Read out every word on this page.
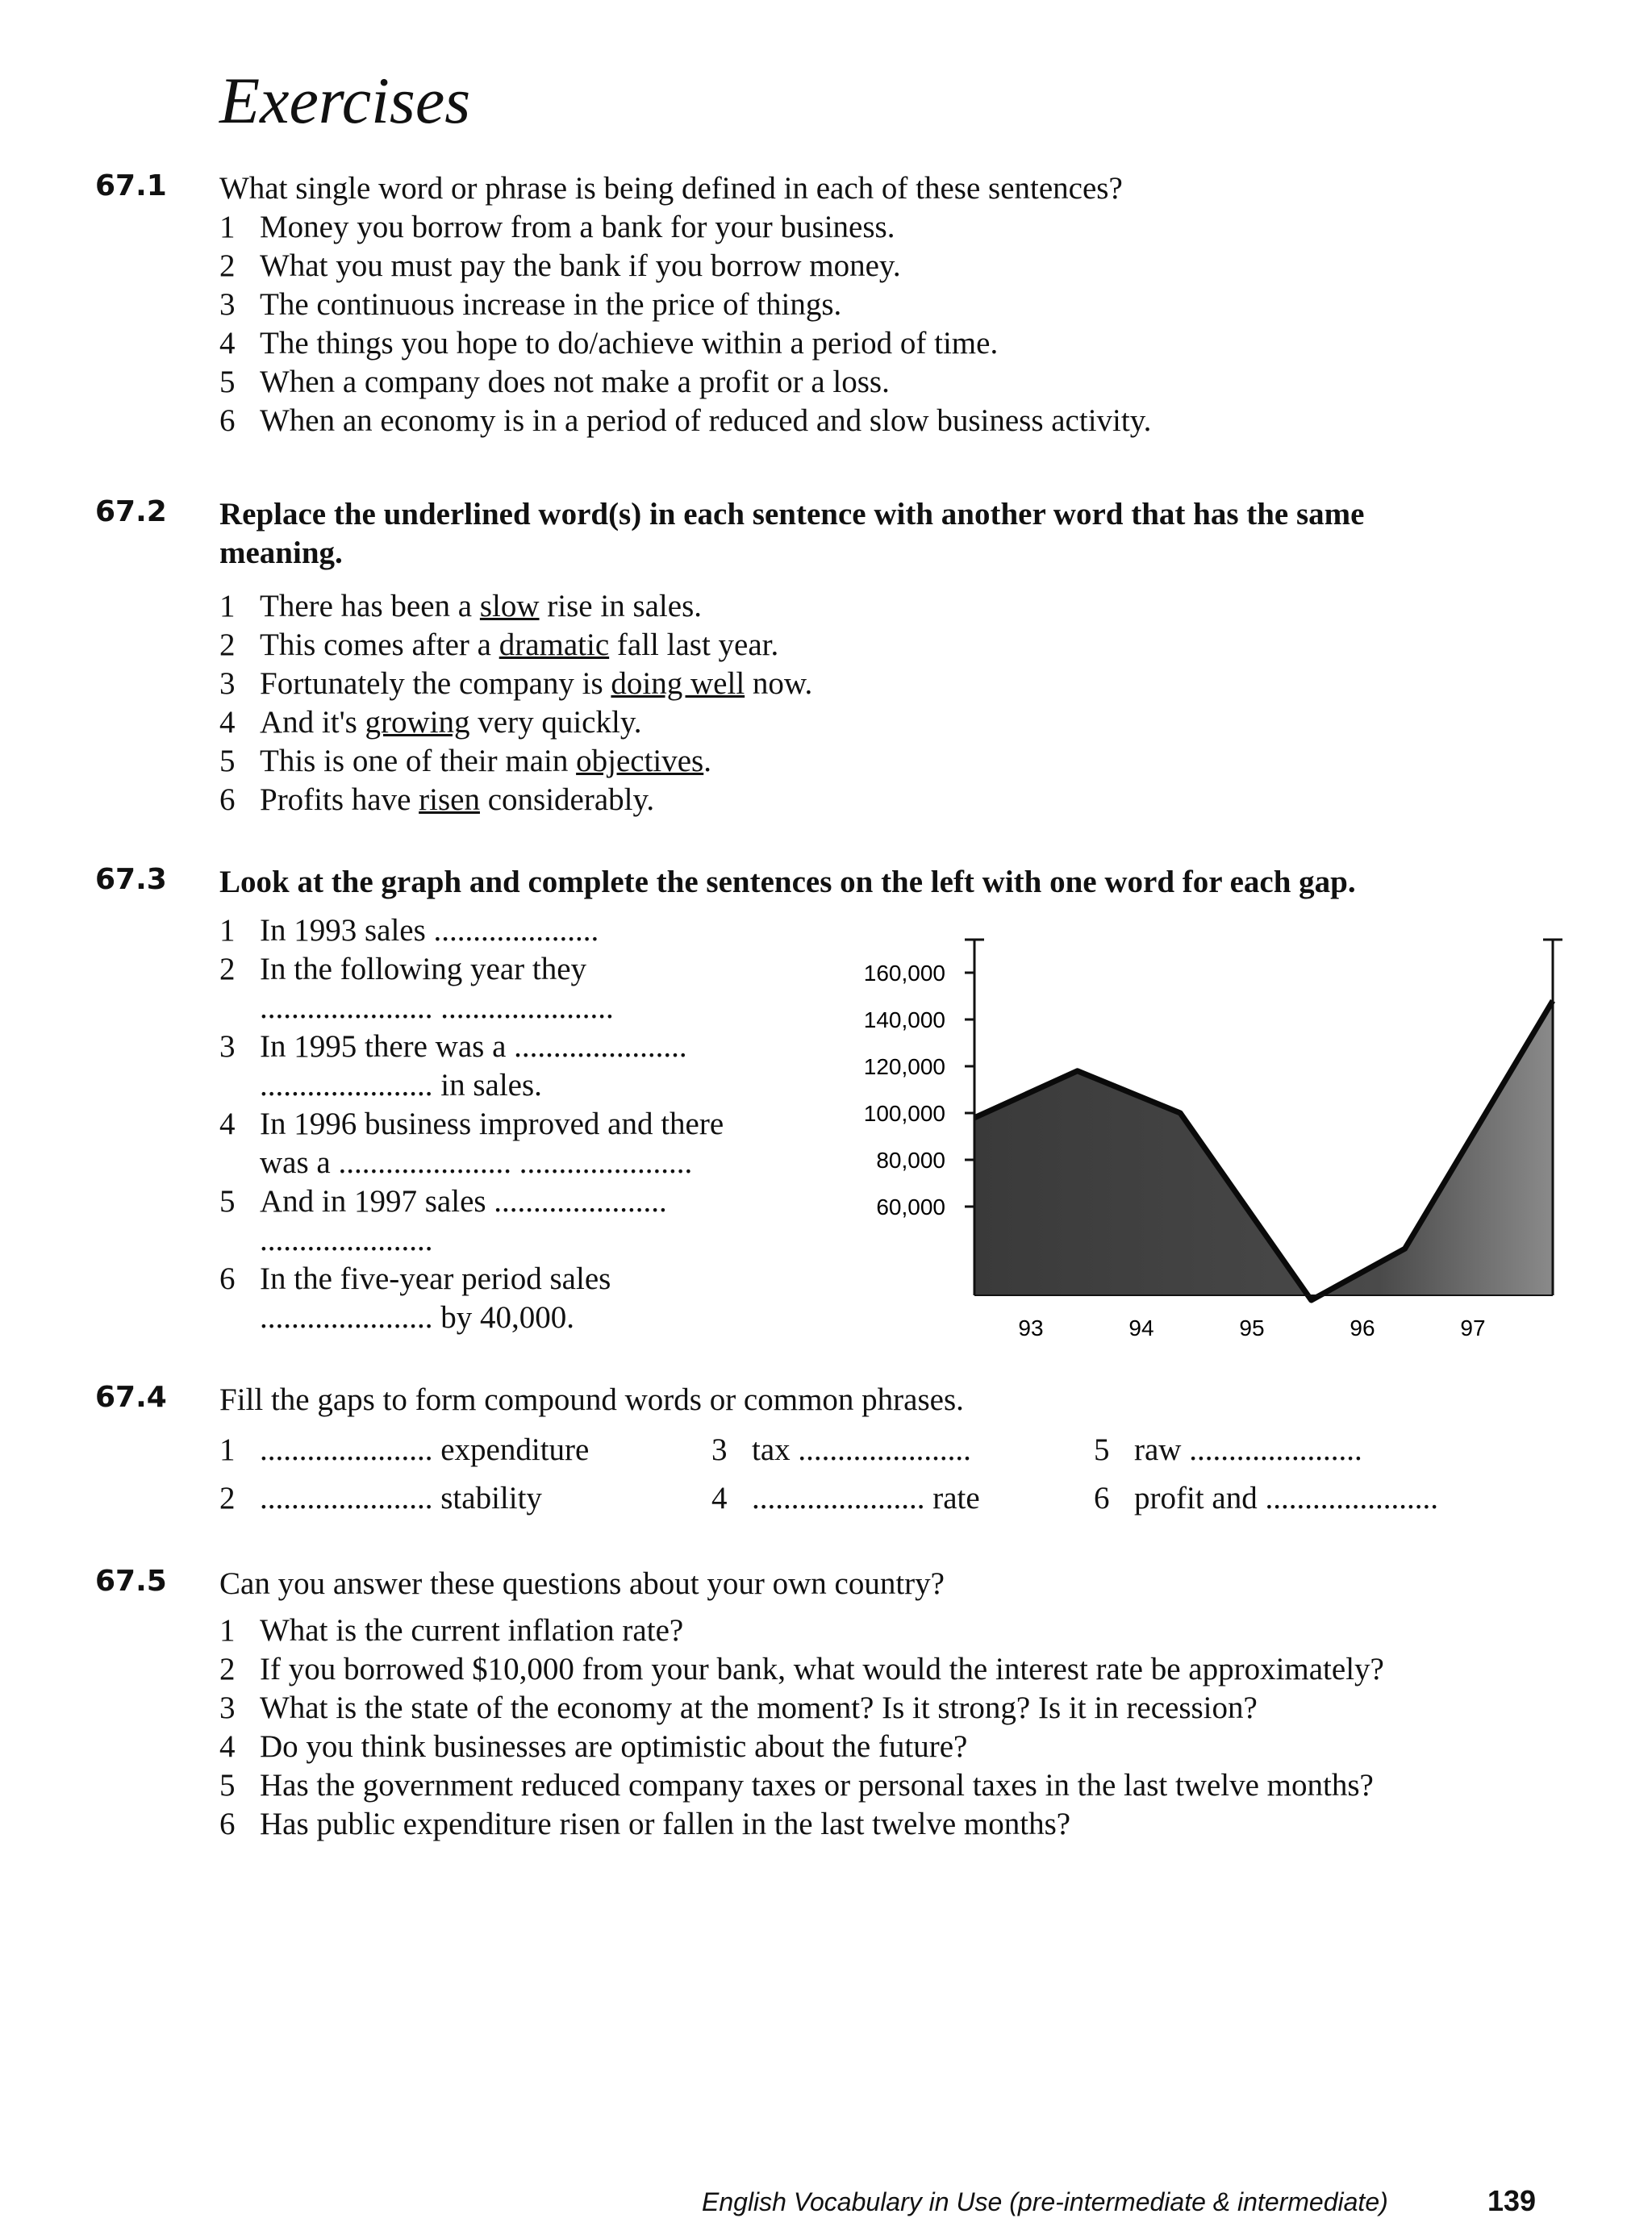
Exercises
67.1 What single word or phrase is being defined in each of these sentences?
1 Money you borrow from a bank for your business.
2 What you must pay the bank if you borrow money.
3 The continuous increase in the price of things.
4 The things you hope to do/achieve within a period of time.
5 When a company does not make a profit or a loss.
6 When an economy is in a period of reduced and slow business activity.
67.2 Replace the underlined word(s) in each sentence with another word that has the same
meaning.
1 There has been a slow rise in sales.
2 This comes after a dramatic fall last year.
3 Fortunately the company is doing well now.
4 And it's growing very quickly.
5 This is one of their main objectives.
6 Profits have risen considerably.
67.3 Look at the graph and complete the sentences on the left with one word for each gap.
1 In 1993 sales .....................
2 In the following year they
...................... ......................
3 In 1995 there was a ......................
...................... in sales.
4 In 1996 business improved and there
was a ...................... ......................
5 And in 1997 sales ......................
......................
6 In the five-year period sales
...................... by 40,000.
160,000
140,000
120,000
100,000
80,000
60,000
93	94	95	96	97
67.4 Fill the gaps to form compound words or common phrases.
1 ...................... expenditure
2 ...................... stability
3 tax ......................
4 ...................... rate
5 raw ......................
6 profit and ......................
67.5 Can you answer these questions about your own country?
1 What is the current inflation rate?
2 If you borrowed $10,000 from your bank, what would the interest rate be approximately?
3 What is the state of the economy at the moment? Is it strong? Is it in recession?
4 Do you think businesses are optimistic about the future?
5 Has the government reduced company taxes or personal taxes in the last twelve months?
6 Has public expenditure risen or fallen in the last twelve months?
English Vocabulary in Use (pre-intermediate & intermediate)	139
